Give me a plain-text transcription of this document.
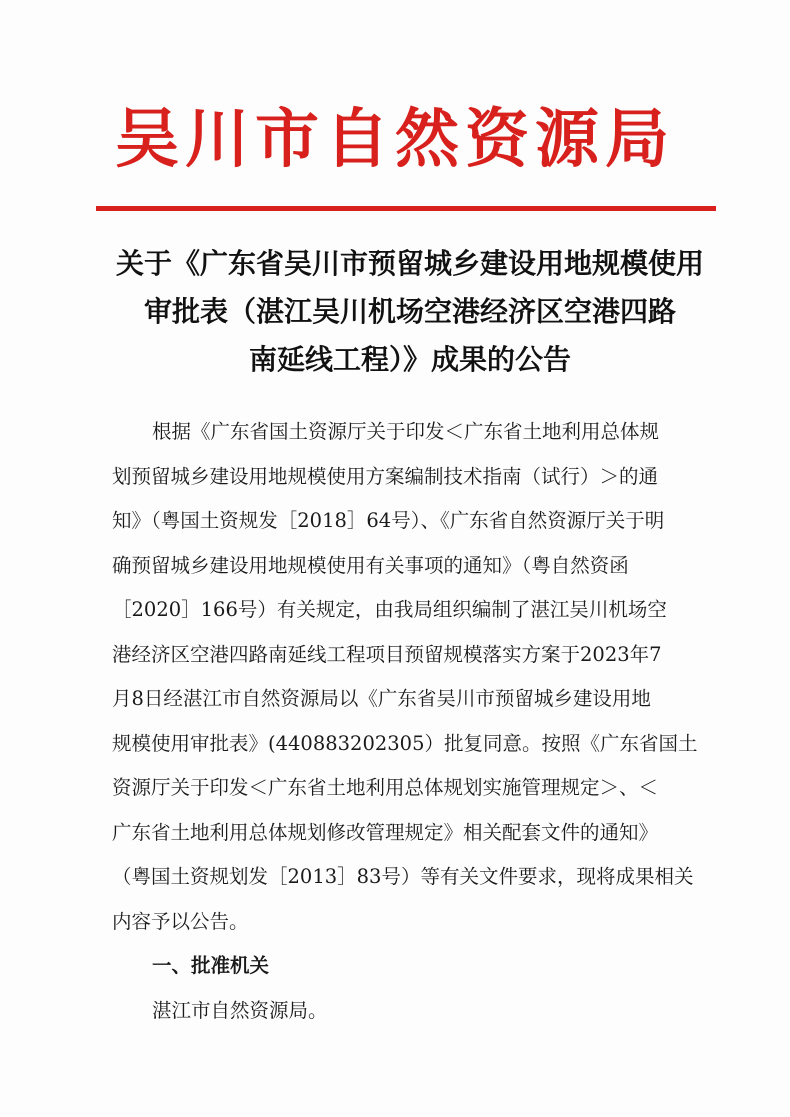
吴川市自然资源局
关于《广东省吴川市预留城乡建设用地规模使用
审批表（湛江吴川机场空港经济区空港四路
南延线工程）》成果的公告
根据《广东省国土资源厅关于印发＜广东省土地利用总体规
划预留城乡建设用地规模使用方案编制技术指南（试行）＞的通
知》（粤国土资规发［2018］64号）、《广东省自然资源厅关于明
确预留城乡建设用地规模使用有关事项的通知》（粤自然资函
［2020］166号）有关规定，由我局组织编制了湛江吴川机场空
港经济区空港四路南延线工程项目预留规模落实方案于2023年7
月8日经湛江市自然资源局以《广东省吴川市预留城乡建设用地
规模使用审批表》(440883202305）批复同意。按照《广东省国土
资源厅关于印发＜广东省土地利用总体规划实施管理规定＞、＜
广东省土地利用总体规划修改管理规定》相关配套文件的通知》
（粤国土资规划发［2013］83号）等有关文件要求，现将成果相关
内容予以公告。
一、批准机关
湛江市自然资源局。
